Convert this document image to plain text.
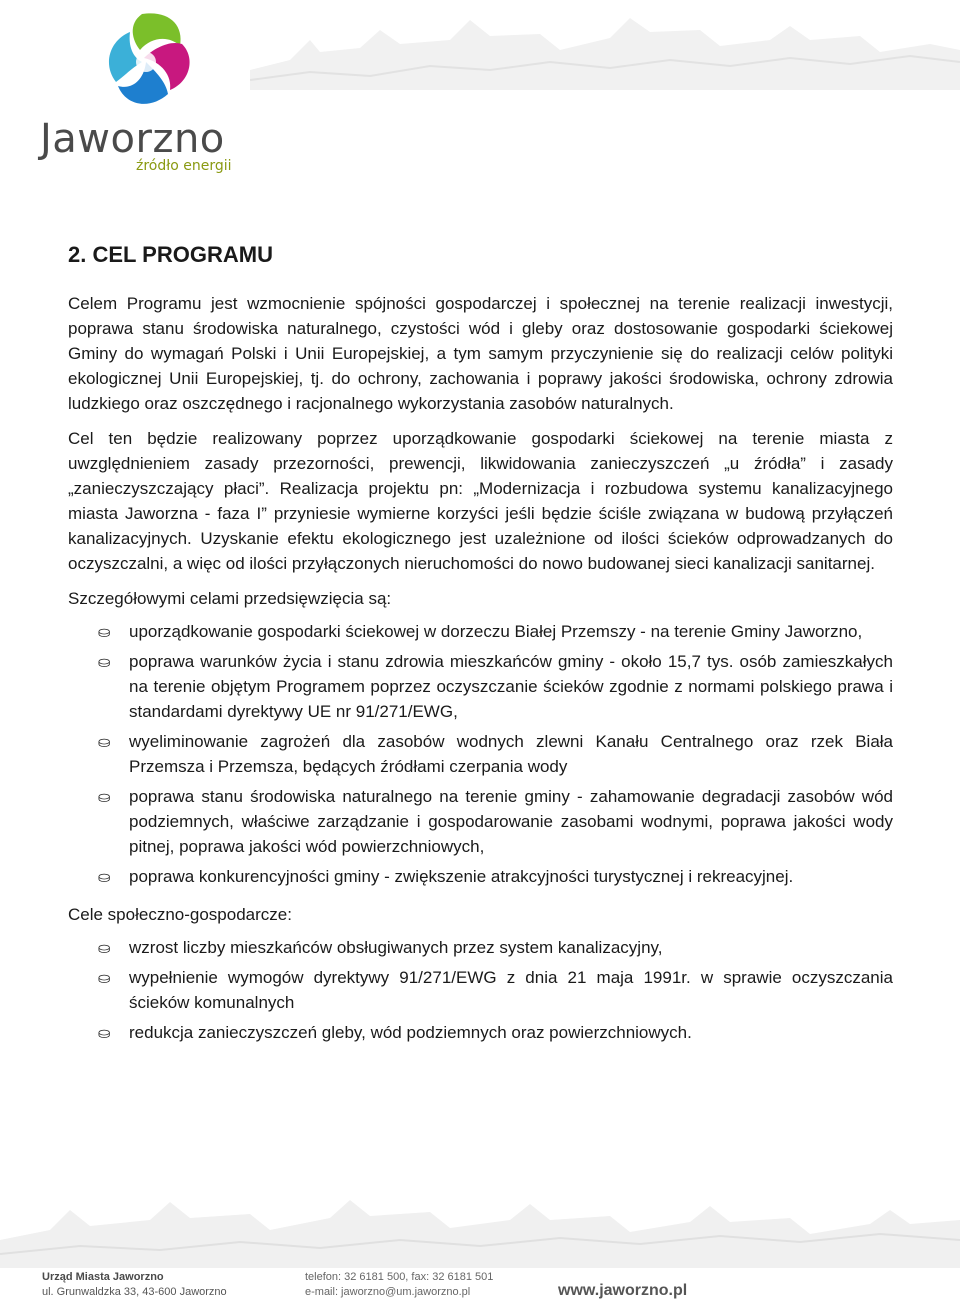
Jaworzno
źródło energii
2. CEL PROGRAMU

Celem Programu jest wzmocnienie spójności gospodarczej i społecznej na terenie realizacji inwestycji, poprawa stanu środowiska naturalnego, czystości wód i gleby oraz dostosowanie gospodarki ściekowej Gminy do wymagań Polski i Unii Europejskiej, a tym samym przyczynienie się do realizacji celów polityki ekologicznej Unii Europejskiej, tj. do ochrony, zachowania i poprawy jakości środowiska, ochrony zdrowia ludzkiego oraz oszczędnego i racjonalnego wykorzystania zasobów naturalnych.

Cel ten będzie realizowany poprzez uporządkowanie gospodarki ściekowej na terenie miasta z uwzględnieniem zasady przezorności, prewencji, likwidowania zanieczyszczeń „u źródła” i zasady „zanieczyszczający płaci”. Realizacja projektu pn: „Modernizacja i rozbudowa systemu kanalizacyjnego miasta Jaworzna - faza I” przyniesie wymierne korzyści jeśli będzie ściśle związana w budową przyłączeń kanalizacyjnych. Uzyskanie efektu ekologicznego jest uzależnione od ilości ścieków odprowadzanych do oczyszczalni, a więc od ilości przyłączonych nieruchomości do nowo budowanej sieci kanalizacji sanitarnej.

Szczegółowymi celami przedsięwzięcia są:

⛀ uporządkowanie gospodarki ściekowej w dorzeczu Białej Przemszy - na terenie Gminy Jaworzno,
⛀ poprawa warunków życia i stanu zdrowia mieszkańców gminy - około 15,7 tys. osób zamieszkałych na terenie objętym Programem poprzez oczyszczanie ścieków zgodnie z normami polskiego prawa i standardami dyrektywy UE nr 91/271/EWG,
⛀ wyeliminowanie zagrożeń dla zasobów wodnych zlewni Kanału Centralnego oraz rzek Biała Przemsza i Przemsza, będących źródłami czerpania wody
⛀ poprawa stanu środowiska naturalnego na terenie gminy - zahamowanie degradacji zasobów wód podziemnych, właściwe zarządzanie i gospodarowanie zasobami wodnymi, poprawa jakości wody pitnej, poprawa jakości wód powierzchniowych,
⛀ poprawa konkurencyjności gminy - zwiększenie atrakcyjności turystycznej i rekreacyjnej.

Cele społeczno-gospodarcze:

⛀ wzrost liczby mieszkańców obsługiwanych przez system kanalizacyjny,
⛀ wypełnienie wymogów dyrektywy 91/271/EWG z dnia 21 maja 1991r. w sprawie oczyszczania ścieków komunalnych
⛀ redukcja zanieczyszczeń gleby, wód podziemnych oraz powierzchniowych.
Urząd Miasta Jaworzno
ul. Grunwaldzka 33, 43-600 Jaworzno
telefon: 32 6181 500, fax: 32 6181 501
e-mail: jaworzno@um.jaworzno.pl	www.jaworzno.pl
